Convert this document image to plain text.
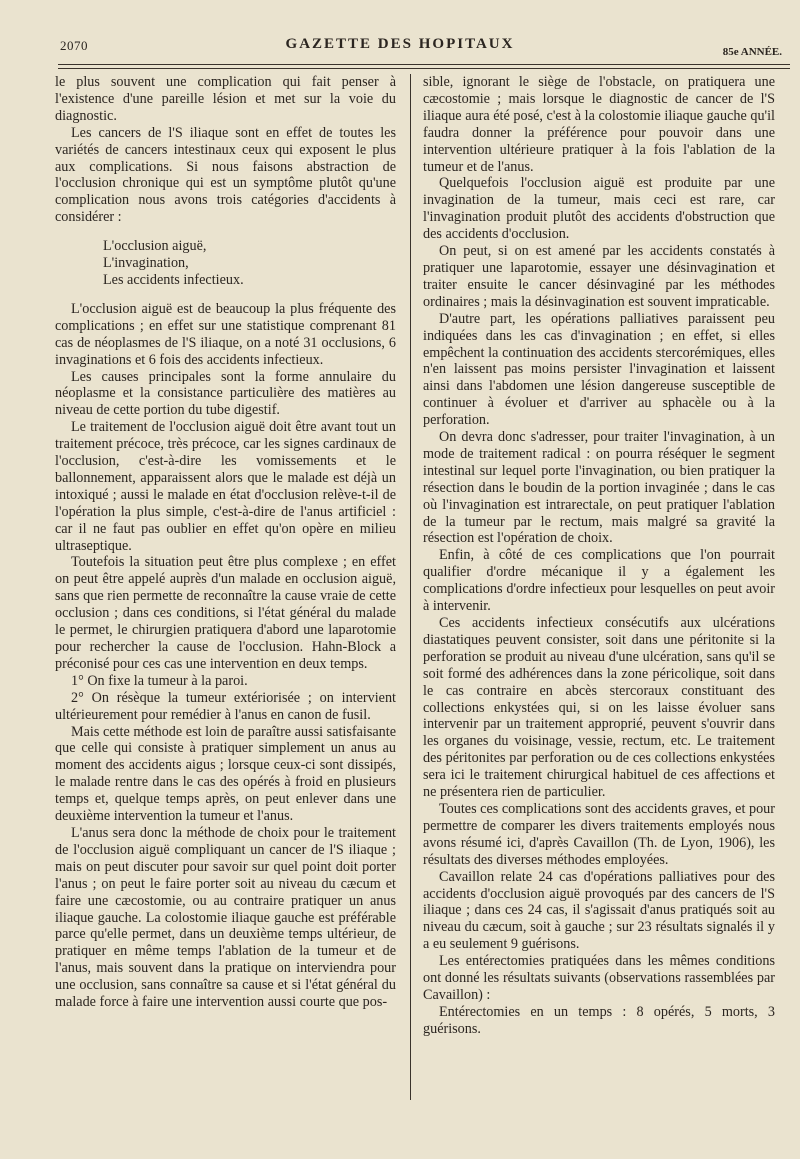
2070	GAZETTE DES HOPITAUX	85e ANNÉE.

le plus souvent une complication qui fait penser à l'existence d'une pareille lésion et met sur la voie du diagnostic.

Les cancers de l'S iliaque sont en effet de toutes les variétés de cancers intestinaux ceux qui exposent le plus aux complications. Si nous faisons abstraction de l'occlusion chronique qui est un symptôme plutôt qu'une complication nous avons trois catégories d'accidents à considérer :

L'occlusion aiguë,
L'invagination,
Les accidents infectieux.

L'occlusion aiguë est de beaucoup la plus fréquente des complications ; en effet sur une statistique comprenant 81 cas de néoplasmes de l'S iliaque, on a noté 31 occlusions, 6 invaginations et 6 fois des accidents infectieux.

Les causes principales sont la forme annulaire du néoplasme et la consistance particulière des matières au niveau de cette portion du tube digestif.

Le traitement de l'occlusion aiguë doit être avant tout un traitement précoce, très précoce, car les signes cardinaux de l'occlusion, c'est-à-dire les vomissements et le ballonnement, apparaissent alors que le malade est déjà un intoxiqué ; aussi le malade en état d'occlusion relève-t-il de l'opération la plus simple, c'est-à-dire de l'anus artificiel : car il ne faut pas oublier en effet qu'on opère en milieu ultraseptique.

Toutefois la situation peut être plus complexe ; en effet on peut être appelé auprès d'un malade en occlusion aiguë, sans que rien permette de reconnaître la cause vraie de cette occlusion ; dans ces conditions, si l'état général du malade le permet, le chirurgien pratiquera d'abord une laparotomie pour rechercher la cause de l'occlusion. Hahn-Block a préconisé pour ces cas une intervention en deux temps.

1° On fixe la tumeur à la paroi.

2° On résèque la tumeur extériorisée ; on intervient ultérieurement pour remédier à l'anus en canon de fusil.

Mais cette méthode est loin de paraître aussi satisfaisante que celle qui consiste à pratiquer simplement un anus au moment des accidents aigus ; lorsque ceux-ci sont dissipés, le malade rentre dans le cas des opérés à froid en plusieurs temps et, quelque temps après, on peut enlever dans une deuxième intervention la tumeur et l'anus.

L'anus sera donc la méthode de choix pour le traitement de l'occlusion aiguë compliquant un cancer de l'S iliaque ; mais on peut discuter pour savoir sur quel point doit porter l'anus ; on peut le faire porter soit au niveau du cæcum et faire une cæcostomie, ou au contraire pratiquer un anus iliaque gauche. La colostomie iliaque gauche est préférable parce qu'elle permet, dans un deuxième temps ultérieur, de pratiquer en même temps l'ablation de la tumeur et de l'anus, mais souvent dans la pratique on interviendra pour une occlusion, sans connaître sa cause et si l'état général du malade force à faire une intervention aussi courte que pos-

sible, ignorant le siège de l'obstacle, on pratiquera une cæcostomie ; mais lorsque le diagnostic de cancer de l'S iliaque aura été posé, c'est à la colostomie iliaque gauche qu'il faudra donner la préférence pour pouvoir dans une intervention ultérieure pratiquer à la fois l'ablation de la tumeur et de l'anus.

Quelquefois l'occlusion aiguë est produite par une invagination de la tumeur, mais ceci est rare, car l'invagination produit plutôt des accidents d'obstruction que des accidents d'occlusion.

On peut, si on est amené par les accidents constatés à pratiquer une laparotomie, essayer une désinvagination et traiter ensuite le cancer désinvaginé par les méthodes ordinaires ; mais la désinvagination est souvent impraticable.

D'autre part, les opérations palliatives paraissent peu indiquées dans les cas d'invagination ; en effet, si elles empêchent la continuation des accidents stercorémiques, elles n'en laissent pas moins persister l'invagination et laissent ainsi dans l'abdomen une lésion dangereuse susceptible de continuer à évoluer et d'arriver au sphacèle ou à la perforation.

On devra donc s'adresser, pour traiter l'invagination, à un mode de traitement radical : on pourra réséquer le segment intestinal sur lequel porte l'invagination, ou bien pratiquer la résection dans le boudin de la portion invaginée ; dans le cas où l'invagination est intrarectale, on peut pratiquer l'ablation de la tumeur par le rectum, mais malgré sa gravité la résection est l'opération de choix.

Enfin, à côté de ces complications que l'on pourrait qualifier d'ordre mécanique il y a également les complications d'ordre infectieux pour lesquelles on peut avoir à intervenir.

Ces accidents infectieux consécutifs aux ulcérations diastatiques peuvent consister, soit dans une péritonite si la perforation se produit au niveau d'une ulcération, sans qu'il se soit formé des adhérences dans la zone péricolique, soit dans le cas contraire en abcès stercoraux constituant des collections enkystées qui, si on les laisse évoluer sans intervenir par un traitement approprié, peuvent s'ouvrir dans les organes du voisinage, vessie, rectum, etc. Le traitement des péritonites par perforation ou de ces collections enkystées sera ici le traitement chirurgical habituel de ces affections et ne présentera rien de particulier.

Toutes ces complications sont des accidents graves, et pour permettre de comparer les divers traitements employés nous avons résumé ici, d'après Cavaillon (Th. de Lyon, 1906), les résultats des diverses méthodes employées.

Cavaillon relate 24 cas d'opérations palliatives pour des accidents d'occlusion aiguë provoqués par des cancers de l'S iliaque ; dans ces 24 cas, il s'agissait d'anus pratiqués soit au niveau du cæcum, soit à gauche ; sur 23 résultats signalés il y a eu seulement 9 guérisons.

Les entérectomies pratiquées dans les mêmes conditions ont donné les résultats suivants (observations rassemblées par Cavaillon) :

Entérectomies en un temps : 8 opérés, 5 morts, 3 guérisons.
